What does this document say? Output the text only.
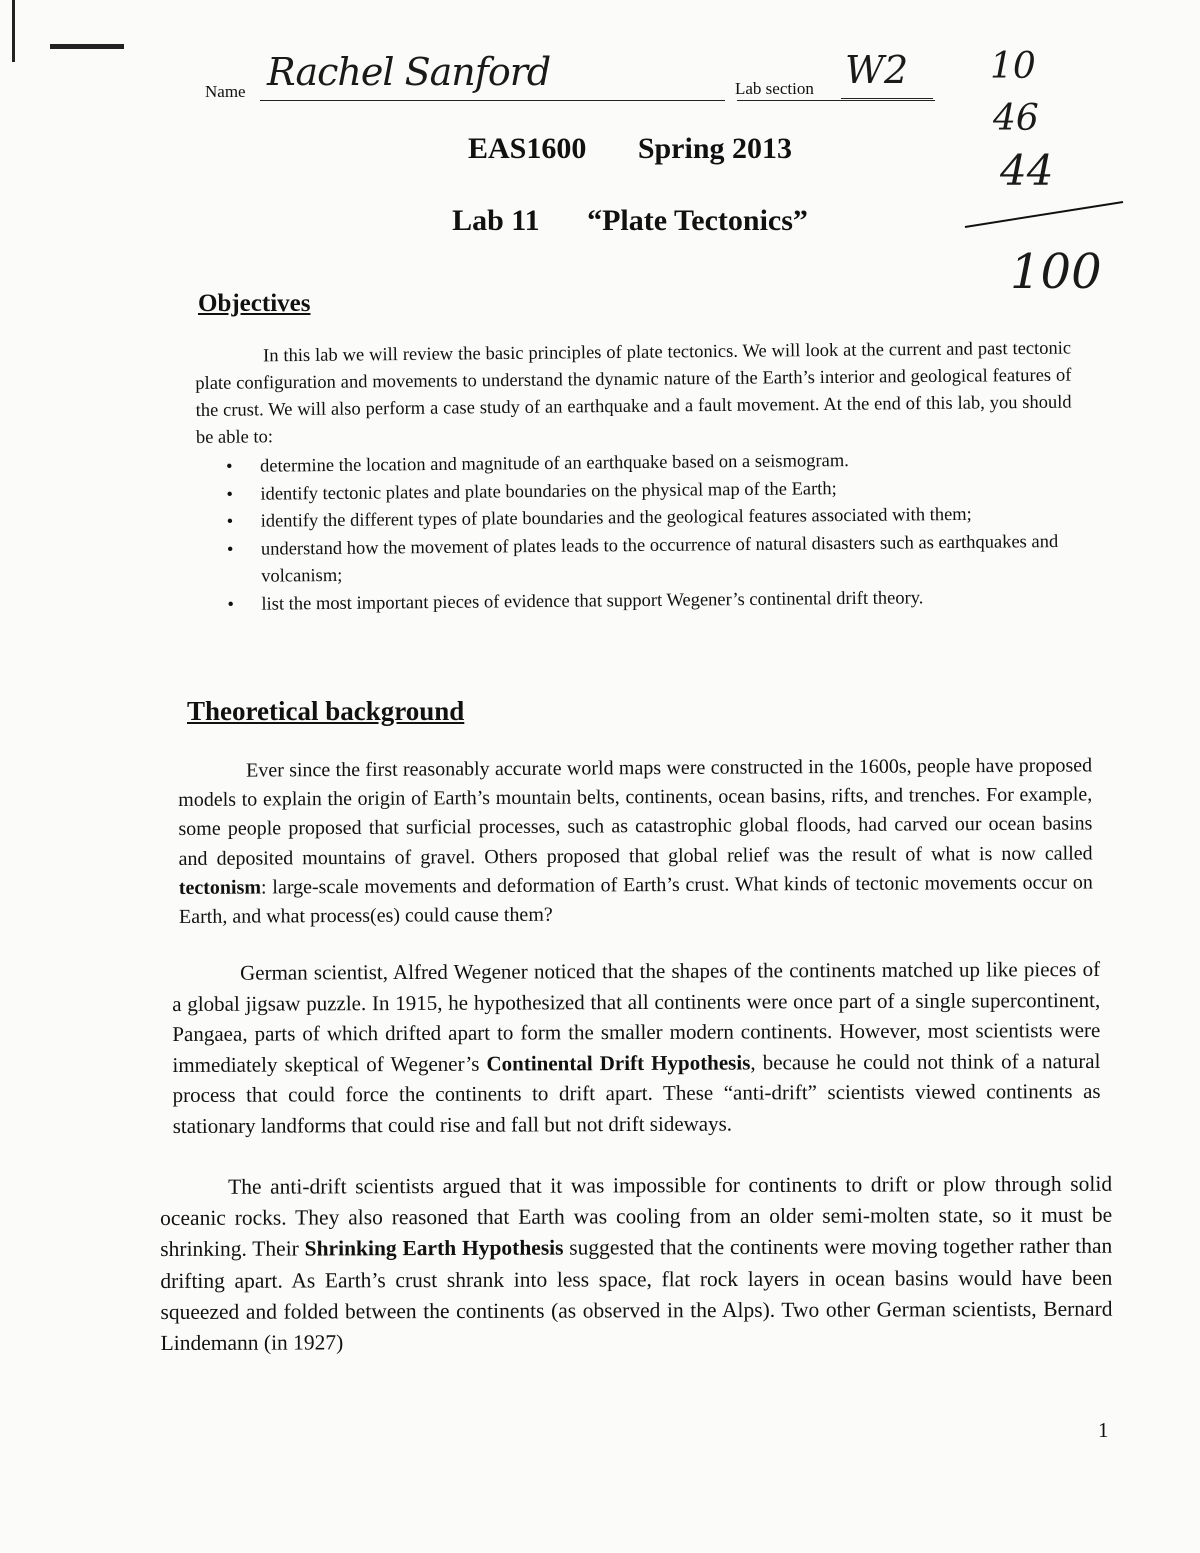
Name Rachel Sanford	Lab section W2 10
46
44
100
EAS1600 Spring 2013
Lab 11 “Plate Tectonics”
Objectives

In this lab we will review the basic principles of plate tectonics. We will look at the current and past tectonic plate configuration and movements to understand the dynamic nature of the Earth’s interior and geological features of the crust. We will also perform a case study of an earthquake and a fault movement. At the end of this lab, you should be able to:

• determine the location and magnitude of an earthquake based on a seismogram.
• identify tectonic plates and plate boundaries on the physical map of the Earth;
• identify the different types of plate boundaries and the geological features associated with them;
• understand how the movement of plates leads to the occurrence of natural disasters such as earthquakes and volcanism;
• list the most important pieces of evidence that support Wegener’s continental drift theory.
Theoretical background

Ever since the first reasonably accurate world maps were constructed in the 1600s, people have proposed models to explain the origin of Earth’s mountain belts, continents, ocean basins, rifts, and trenches. For example, some people proposed that surficial processes, such as catastrophic global floods, had carved our ocean basins and deposited mountains of gravel. Others proposed that global relief was the result of what is now called tectonism: large-scale movements and deformation of Earth’s crust. What kinds of tectonic movements occur on Earth, and what process(es) could cause them?

German scientist, Alfred Wegener noticed that the shapes of the continents matched up like pieces of a global jigsaw puzzle. In 1915, he hypothesized that all continents were once part of a single supercontinent, Pangaea, parts of which drifted apart to form the smaller modern continents. However, most scientists were immediately skeptical of Wegener’s Continental Drift Hypothesis, because he could not think of a natural process that could force the continents to drift apart. These “anti-drift” scientists viewed continents as stationary landforms that could rise and fall but not drift sideways.

The anti-drift scientists argued that it was impossible for continents to drift or plow through solid oceanic rocks. They also reasoned that Earth was cooling from an older semi-molten state, so it must be shrinking. Their Shrinking Earth Hypothesis suggested that the continents were moving together rather than drifting apart. As Earth’s crust shrank into less space, flat rock layers in ocean basins would have been squeezed and folded between the continents (as observed in the Alps). Two other German scientists, Bernard Lindemann (in 1927)

1
